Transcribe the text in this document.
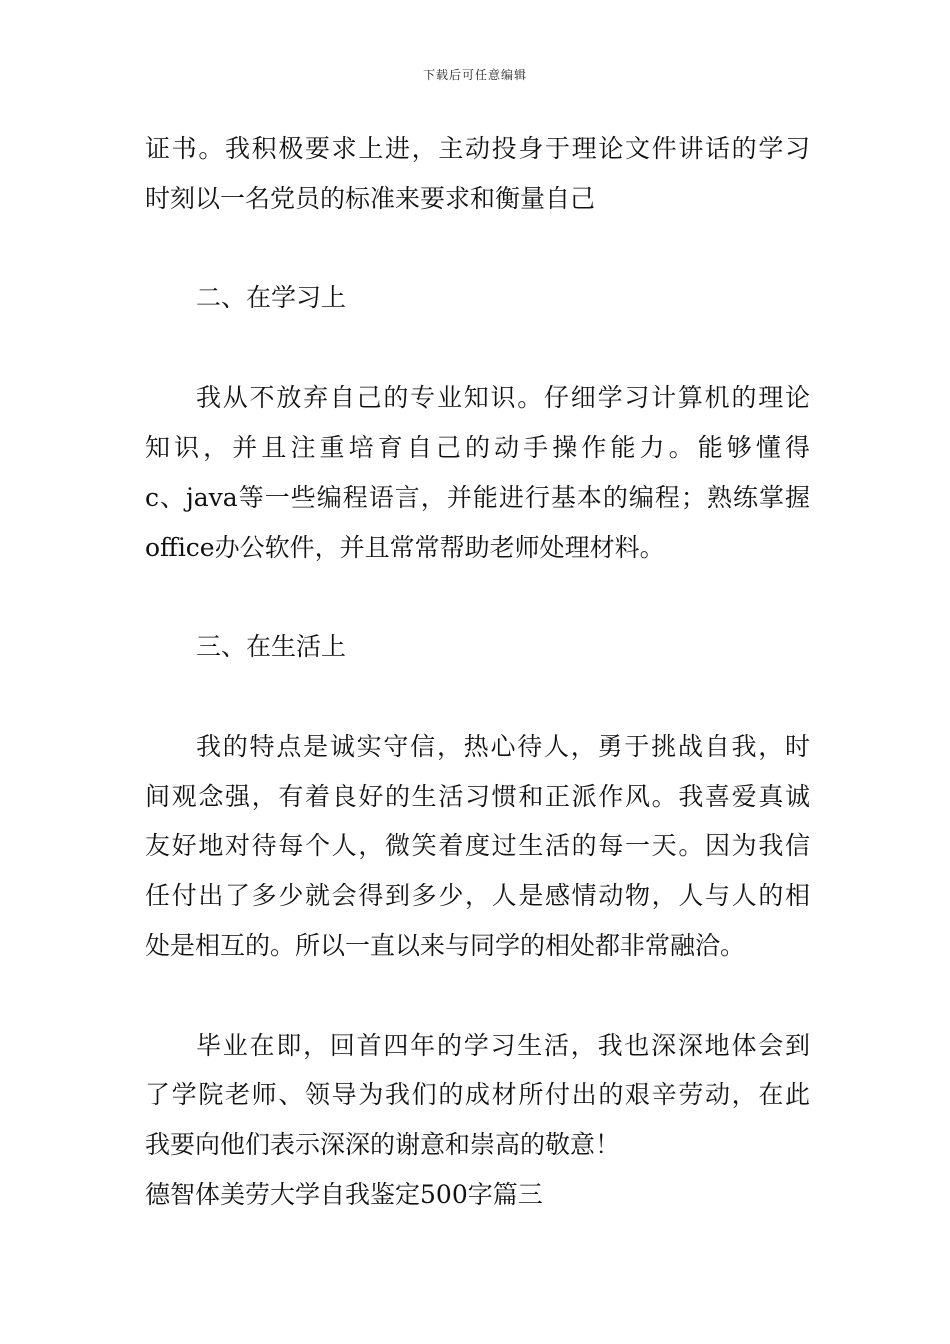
下载后可任意编辑
证书。我积极要求上进，主动投身于理论文件讲话的学习
时刻以一名党员的标准来要求和衡量自己
二、在学习上
我从不放弃自己的专业知识。仔细学习计算机的理论
知识，并且注重培育自己的动手操作能力。能够懂得
c、java等一些编程语言，并能进行基本的编程；熟练掌握
office办公软件，并且常常帮助老师处理材料。
三、在生活上
我的特点是诚实守信，热心待人，勇于挑战自我，时
间观念强，有着良好的生活习惯和正派作风。我喜爱真诚
友好地对待每个人，微笑着度过生活的每一天。因为我信
任付出了多少就会得到多少，人是感情动物，人与人的相
处是相互的。所以一直以来与同学的相处都非常融洽。
毕业在即，回首四年的学习生活，我也深深地体会到
了学院老师、领导为我们的成材所付出的艰辛劳动，在此
我要向他们表示深深的谢意和崇高的敬意！
德智体美劳大学自我鉴定500字篇三
